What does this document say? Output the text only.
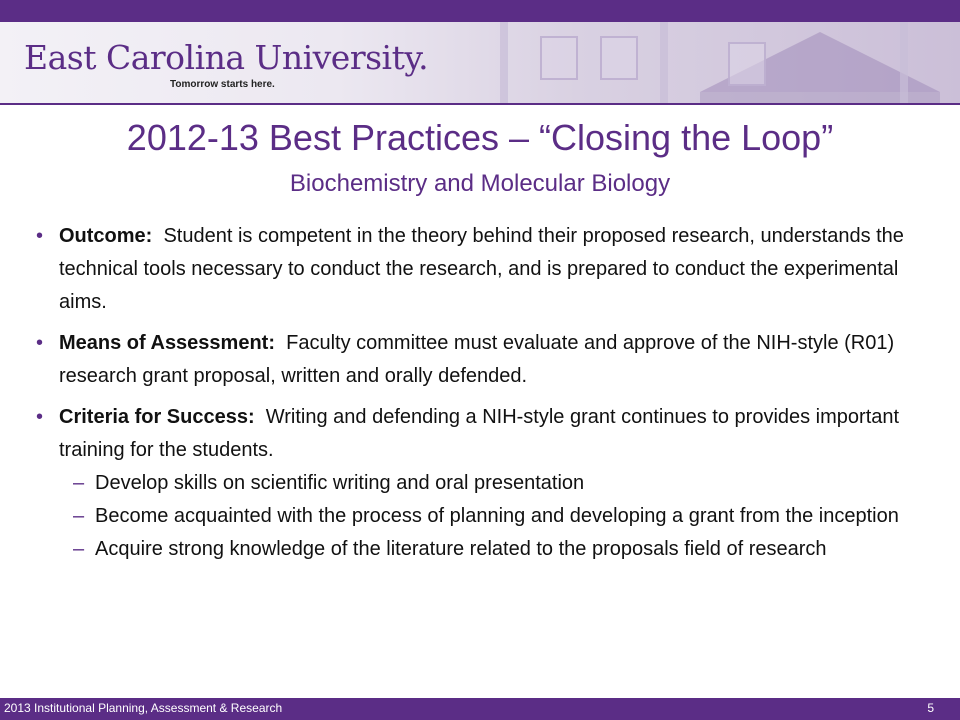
East Carolina University.
Tomorrow starts here.
2012-13 Best Practices – “Closing the Loop”
Biochemistry and Molecular Biology
• Outcome:  Student is competent in the theory behind their proposed research, understands the technical tools necessary to conduct the research, and is prepared to conduct the experimental aims.
• Means of Assessment:  Faculty committee must evaluate and approve of the NIH-style (R01) research grant proposal, written and orally defended.
• Criteria for Success:  Writing and defending a NIH-style grant continues to provides important training for the students.
– Develop skills on scientific writing and oral presentation
– Become acquainted with the process of planning and developing a grant from the inception
– Acquire strong knowledge of the literature related to the proposals field of research
2013 Institutional Planning, Assessment & Research	5
